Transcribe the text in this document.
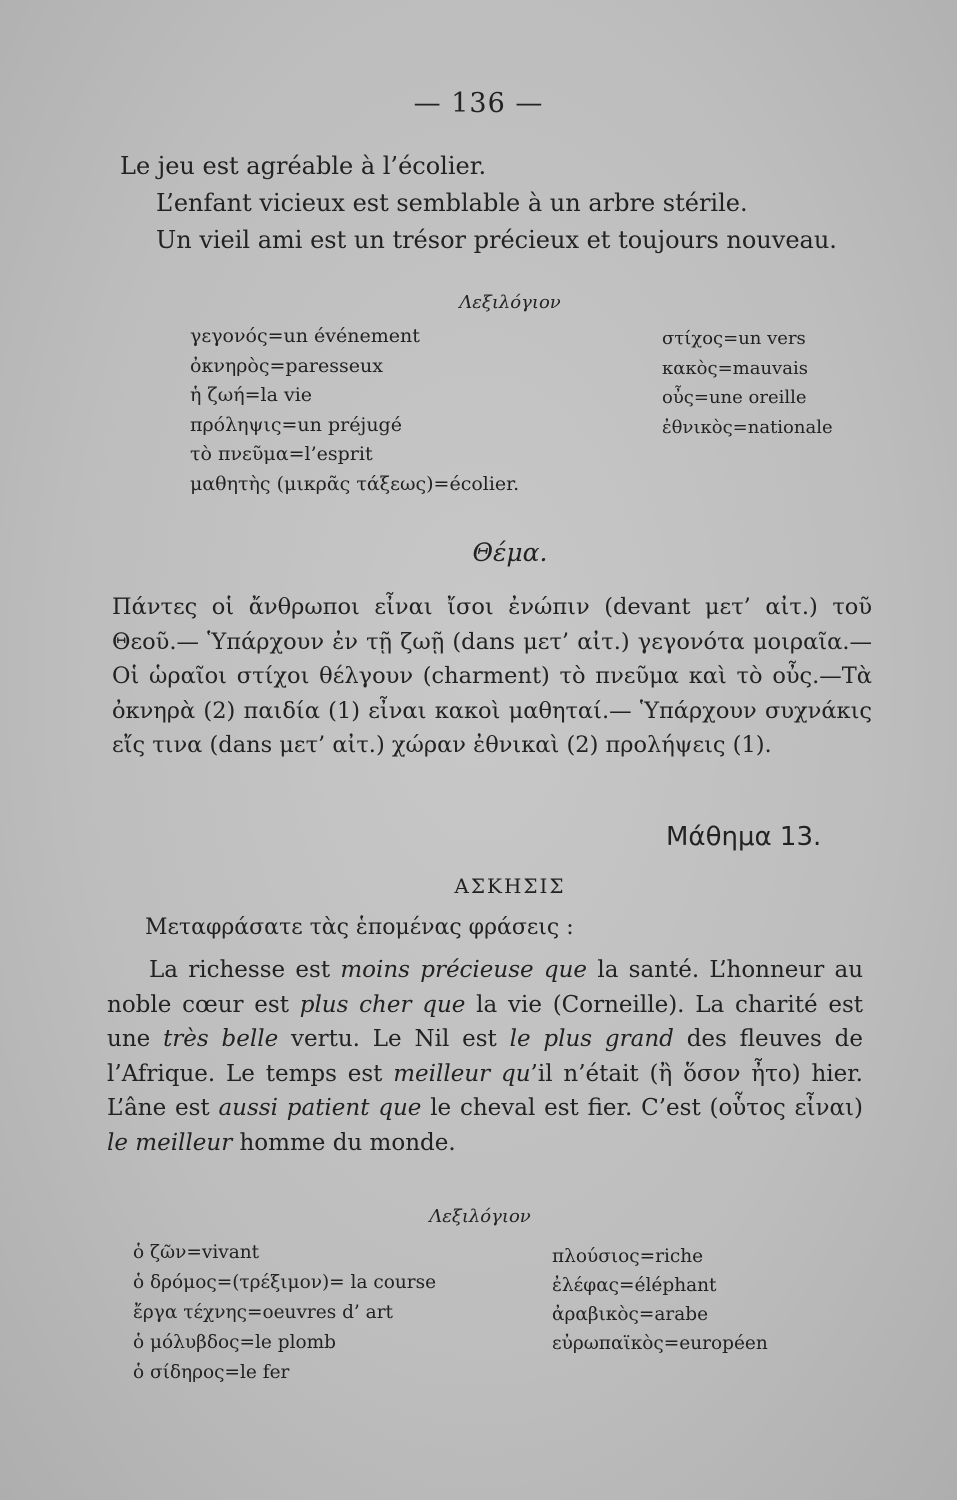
— 136 —
Le jeu est agréable à l’écolier.
L’enfant vicieux est semblable à un arbre stérile.
Un vieil ami est un trésor précieux et toujours nouveau.
Λεξιλόγιον
γεγονός=un événement
ὀκνηρὸς=paresseux
ἡ ζωή=la vie
πρόληψις=un préjugé
τὸ πνεῦμα=l’esprit
μαθητὴς (μικρᾶς τάξεως)=écolier.
στίχος=un vers
κακὸς=mauvais
οὖς=une oreille
ἐθνικὸς=nationale
Θέμα.
Πάντες οἱ ἄνθρωποι εἶναι ἴσοι ἐνώπιν (devant μετ’ αἰτ.) τοῦ Θεοῦ.— Ὑπάρχουν ἐν τῇ ζωῇ (dans μετ’ αἰτ.) γεγονότα μοιραῖα.—Οἱ ὡραῖοι στίχοι θέλγουν (charment) τὸ πνεῦμα καὶ τὸ οὖς.—Τὰ ὀκνηρὰ (2) παιδία (1) εἶναι κακοὶ μαθηταί.— Ὑπάρχουν συχνάκις εἴς τινα (dans μετ’ αἰτ.) χώραν ἐθνικαὶ (2) προλήψεις (1).
Μάθημα 13.
ΑΣΚΗΣΙΣ
Μεταφράσατε τὰς ἑπομένας φράσεις :
La richesse est moins précieuse que la santé. L’honneur au noble cœur est plus cher que la vie (Corneille). La charité est une très belle vertu. Le Nil est le plus grand des fleuves de l’Afrique. Le temps est meilleur qu’il n’était (ἢ ὅσον ἦτο) hier. L’âne est aussi patient que le cheval est fier. C’est (οὗτος εἶναι) le meilleur homme du monde.
Λεξιλόγιον
ὁ ζῶν=vivant
ὁ δρόμος=(τρέξιμον)= la course
ἔργα τέχνης=oeuvres d’ art
ὁ μόλυβδος=le plomb
ὁ σίδηρος=le fer
πλούσιος=riche
ἐλέφας=éléphant
ἀραβικὸς=arabe
εὐρωπαϊκὸς=européen
